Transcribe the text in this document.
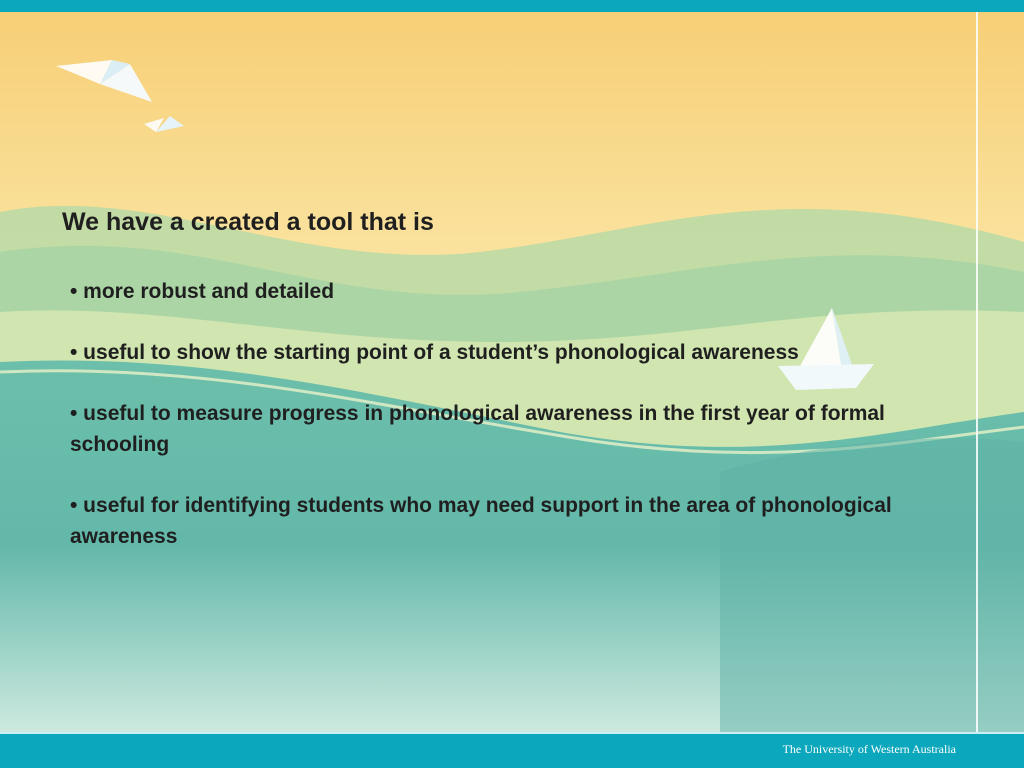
We have a created a tool that is
• more robust and detailed
• useful to show the starting point of a student’s phonological awareness
• useful to measure progress in phonological awareness in the first year of formal schooling
• useful for identifying students who may need support in the area of phonological awareness
The University of Western Australia
